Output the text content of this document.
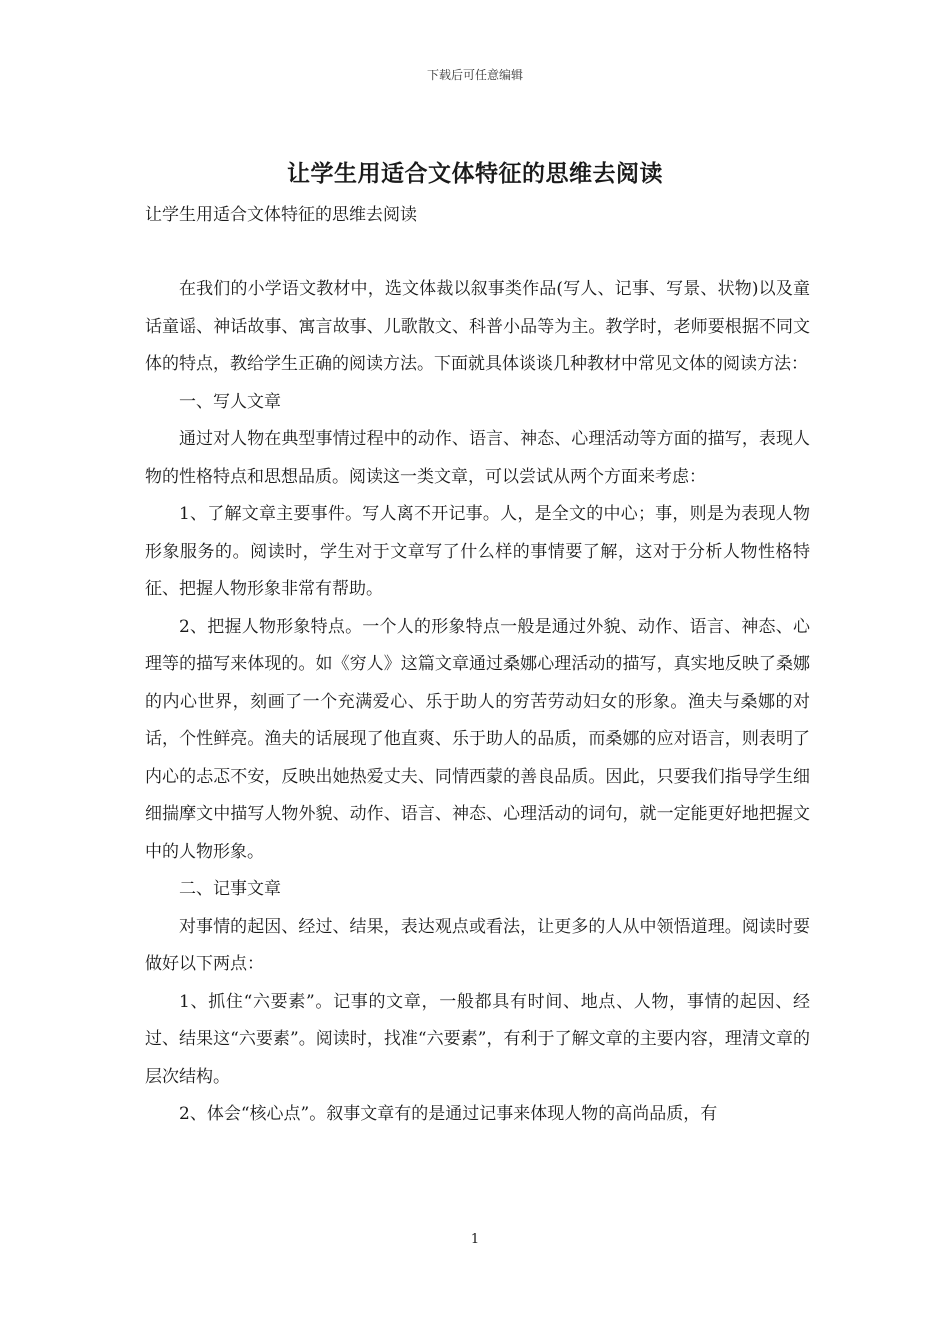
下载后可任意编辑
让学生用适合文体特征的思维去阅读
让学生用适合文体特征的思维去阅读

在我们的小学语文教材中，选文体裁以叙事类作品(写人、记事、写景、状物)以及童话童谣、神话故事、寓言故事、儿歌散文、科普小品等为主。教学时，老师要根据不同文体的特点，教给学生正确的阅读方法。下面就具体谈谈几种教材中常见文体的阅读方法：

一、写人文章

通过对人物在典型事情过程中的动作、语言、神态、心理活动等方面的描写，表现人物的性格特点和思想品质。阅读这一类文章，可以尝试从两个方面来考虑：

1、了解文章主要事件。写人离不开记事。人，是全文的中心；事，则是为表现人物形象服务的。阅读时，学生对于文章写了什么样的事情要了解，这对于分析人物性格特征、把握人物形象非常有帮助。

2、把握人物形象特点。一个人的形象特点一般是通过外貌、动作、语言、神态、心理等的描写来体现的。如《穷人》这篇文章通过桑娜心理活动的描写，真实地反映了桑娜的内心世界，刻画了一个充满爱心、乐于助人的穷苦劳动妇女的形象。渔夫与桑娜的对话，个性鲜亮。渔夫的话展现了他直爽、乐于助人的品质，而桑娜的应对语言，则表明了内心的忐忑不安，反映出她热爱丈夫、同情西蒙的善良品质。因此，只要我们指导学生细细揣摩文中描写人物外貌、动作、语言、神态、心理活动的词句，就一定能更好地把握文中的人物形象。

二、记事文章

对事情的起因、经过、结果，表达观点或看法，让更多的人从中领悟道理。阅读时要做好以下两点：

1、抓住“六要素”。记事的文章，一般都具有时间、地点、人物，事情的起因、经过、结果这“六要素”。阅读时，找准“六要素”，有利于了解文章的主要内容，理清文章的层次结构。

2、体会“核心点”。叙事文章有的是通过记事来体现人物的高尚品质，有

1
